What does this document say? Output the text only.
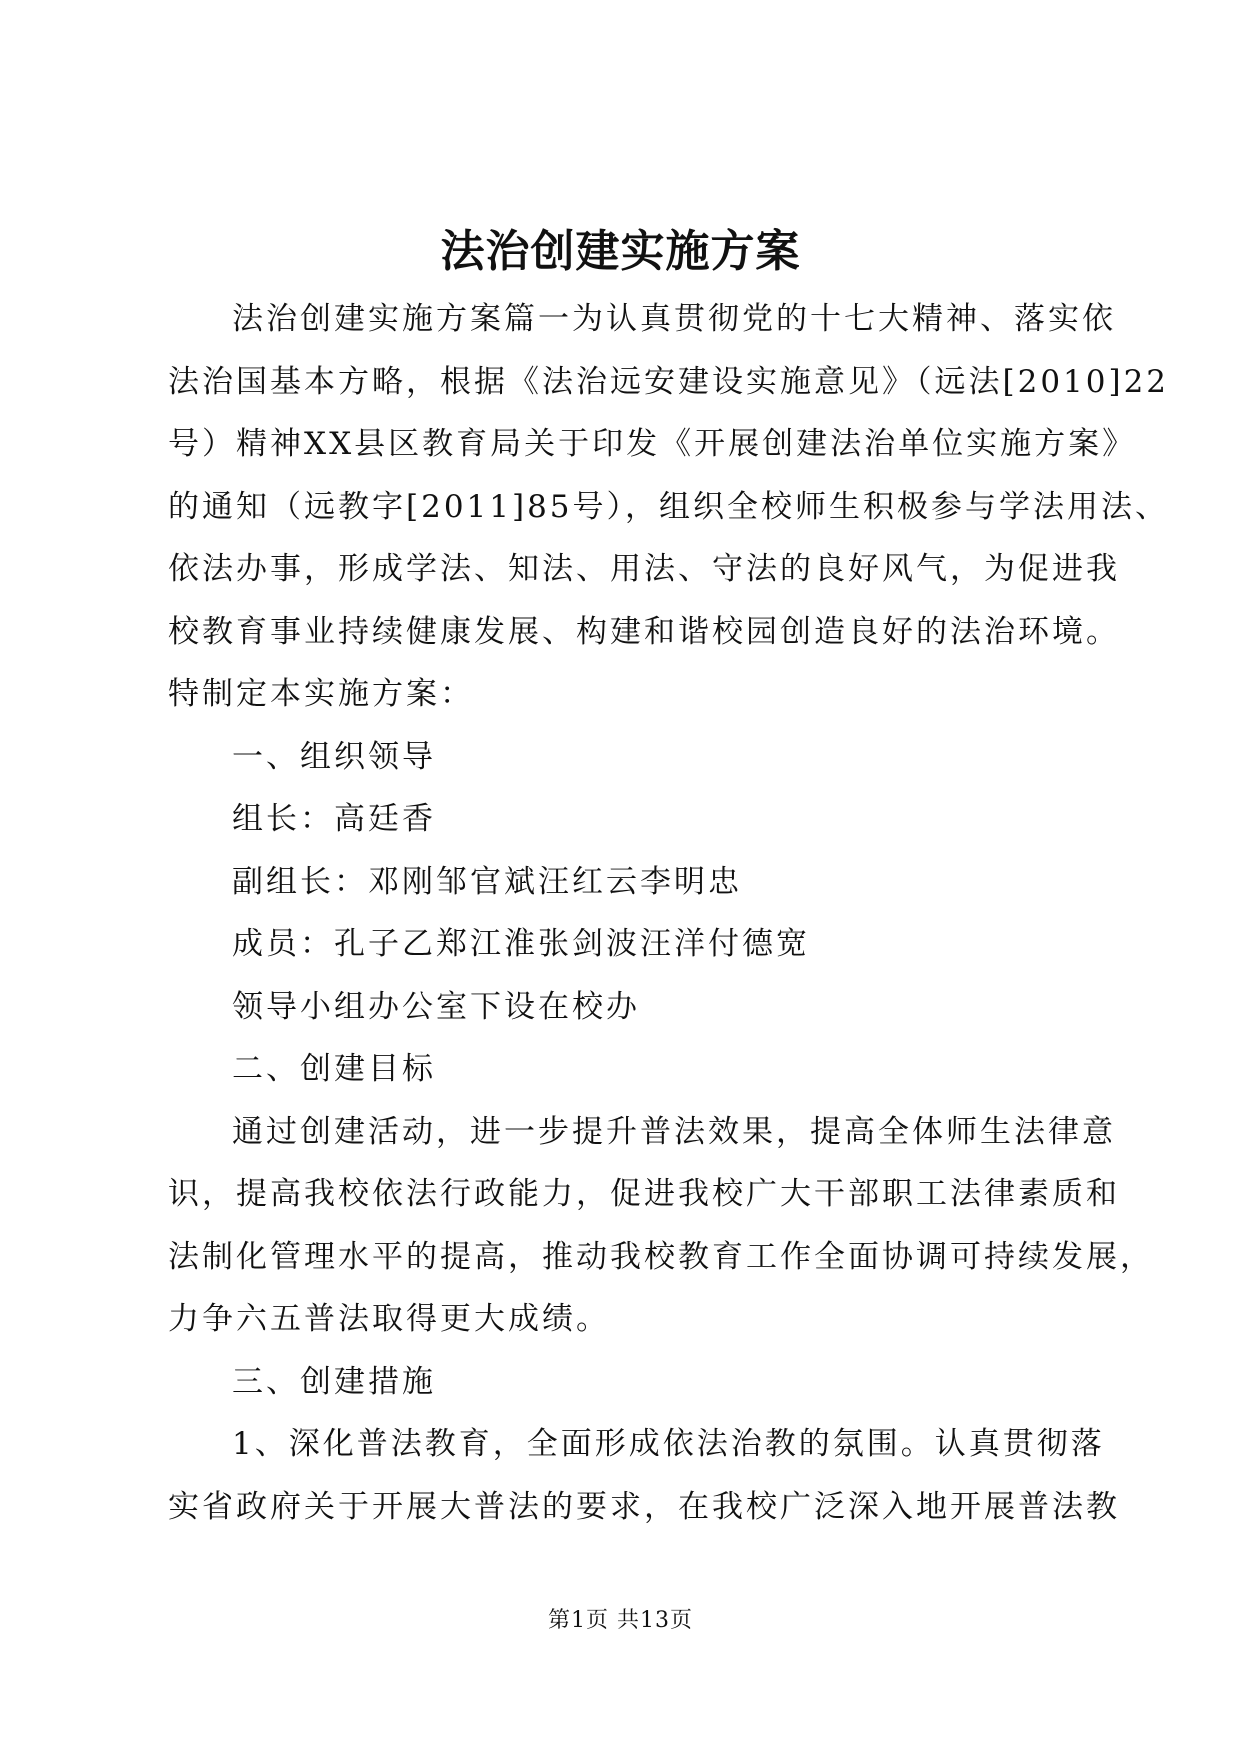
法治创建实施方案
法治创建实施方案篇一为认真贯彻党的十七大精神、落实依
法治国基本方略，根据《法治远安建设实施意见》（远法[2010]22
号）精神XX县区教育局关于印发《开展创建法治单位实施方案》
的通知（远教字[2011]85号），组织全校师生积极参与学法用法、
依法办事，形成学法、知法、用法、守法的良好风气，为促进我
校教育事业持续健康发展、构建和谐校园创造良好的法治环境。
特制定本实施方案：
一、组织领导
组长：高廷香
副组长：邓刚邹官斌汪红云李明忠
成员：孔子乙郑江淮张剑波汪洋付德宽
领导小组办公室下设在校办
二、创建目标
通过创建活动，进一步提升普法效果，提高全体师生法律意
识，提高我校依法行政能力，促进我校广大干部职工法律素质和
法制化管理水平的提高，推动我校教育工作全面协调可持续发展，
力争六五普法取得更大成绩。
三、创建措施
1、深化普法教育，全面形成依法治教的氛围。认真贯彻落
实省政府关于开展大普法的要求，在我校广泛深入地开展普法教
第1页 共13页
